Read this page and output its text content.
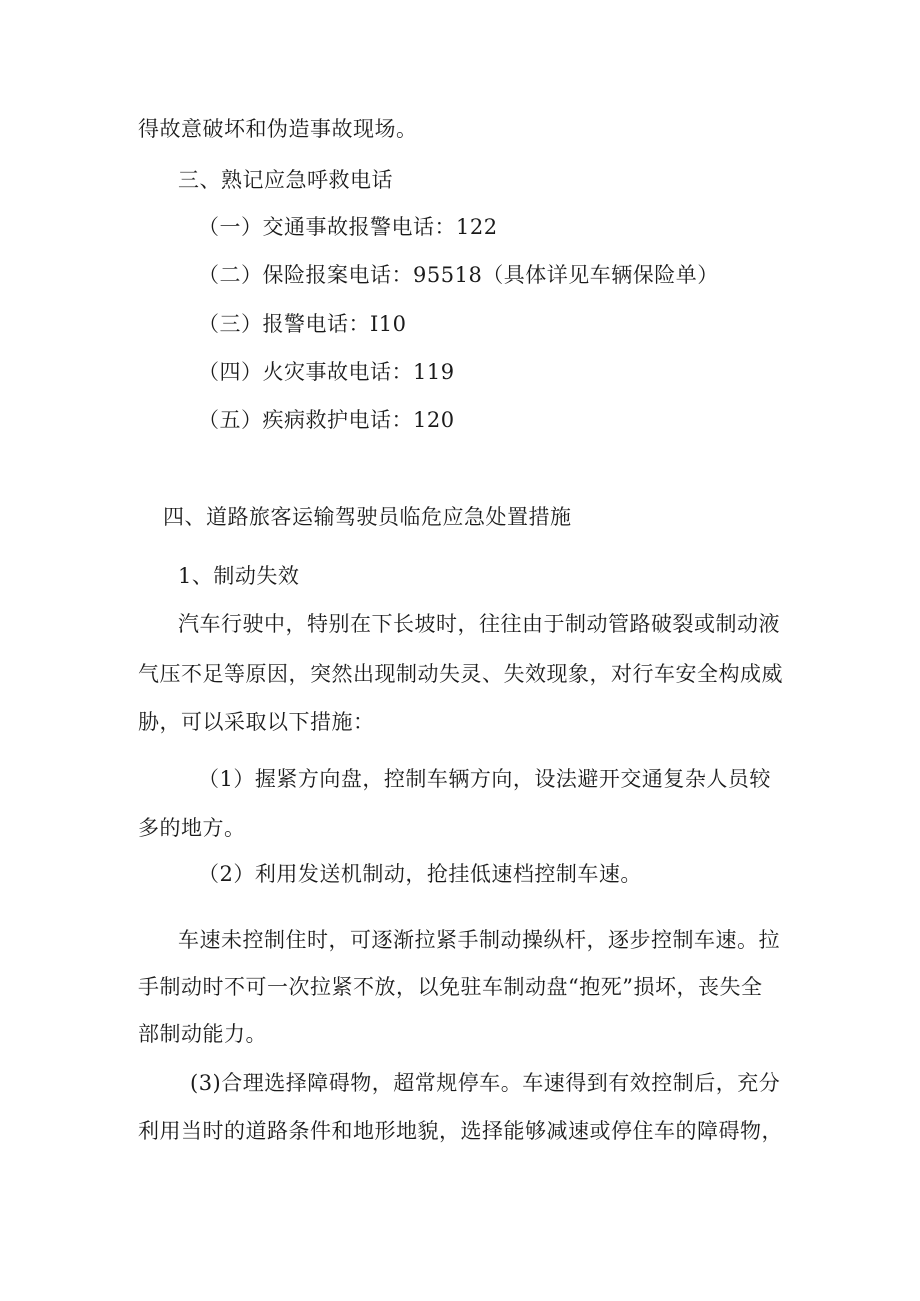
得故意破坏和伪造事故现场。
三、熟记应急呼救电话
（一）交通事故报警电话：122
（二）保险报案电话：95518（具体详见车辆保险单）
（三）报警电话：I10
（四）火灾事故电话：119
（五）疾病救护电话：120
四、道路旅客运输驾驶员临危应急处置措施
1、制动失效
汽车行驶中，特别在下长坡时，往往由于制动管路破裂或制动液
气压不足等原因，突然出现制动失灵、失效现象，对行车安全构成威
胁，可以采取以下措施：
（1）握紧方向盘，控制车辆方向，设法避开交通复杂人员较
多的地方。
（2）利用发送机制动，抢挂低速档控制车速。
车速未控制住时，可逐渐拉紧手制动操纵杆，逐步控制车速。拉
手制动时不可一次拉紧不放，以免驻车制动盘“抱死”损坏，丧失全
部制动能力。
(3)合理选择障碍物，超常规停车。车速得到有效控制后，充分
利用当时的道路条件和地形地貌，选择能够减速或停住车的障碍物，
